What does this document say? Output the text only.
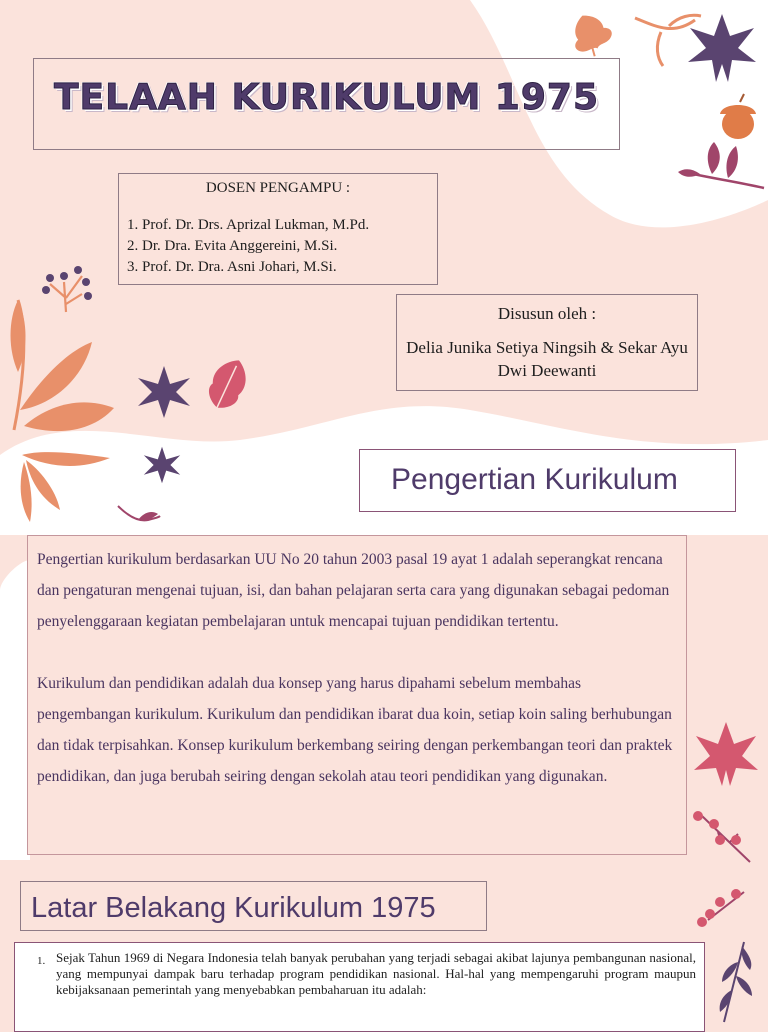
TELAAH KURIKULUM 1975
DOSEN PENGAMPU :
1. Prof. Dr. Drs. Aprizal Lukman, M.Pd.
2. Dr. Dra. Evita Anggereini, M.Si.
3. Prof. Dr. Dra. Asni Johari, M.Si.
Disusun oleh :
Delia Junika Setiya Ningsih & Sekar Ayu Dwi Deewanti
Pengertian Kurikulum

Pengertian kurikulum berdasarkan UU No 20 tahun 2003 pasal 19 ayat 1 adalah seperangkat rencana dan pengaturan mengenai tujuan, isi, dan bahan pelajaran serta cara yang digunakan sebagai pedoman penyelenggaraan kegiatan pembelajaran untuk mencapai tujuan pendidikan tertentu.

Kurikulum dan pendidikan adalah dua konsep yang harus dipahami sebelum membahas pengembangan kurikulum. Kurikulum dan pendidikan ibarat dua koin, setiap koin saling berhubungan dan tidak terpisahkan. Konsep kurikulum berkembang seiring dengan perkembangan teori dan praktek pendidikan, dan juga berubah seiring dengan sekolah atau teori pendidikan yang digunakan.

Latar Belakang Kurikulum 1975
1. Sejak Tahun 1969 di Negara Indonesia telah banyak perubahan yang terjadi sebagai akibat lajunya pembangunan nasional, yang mempunyai dampak baru terhadap program pendidikan nasional. Hal-hal yang mempengaruhi program maupun kebijaksanaan pemerintah yang menyebabkan pembaharuan itu adalah:
